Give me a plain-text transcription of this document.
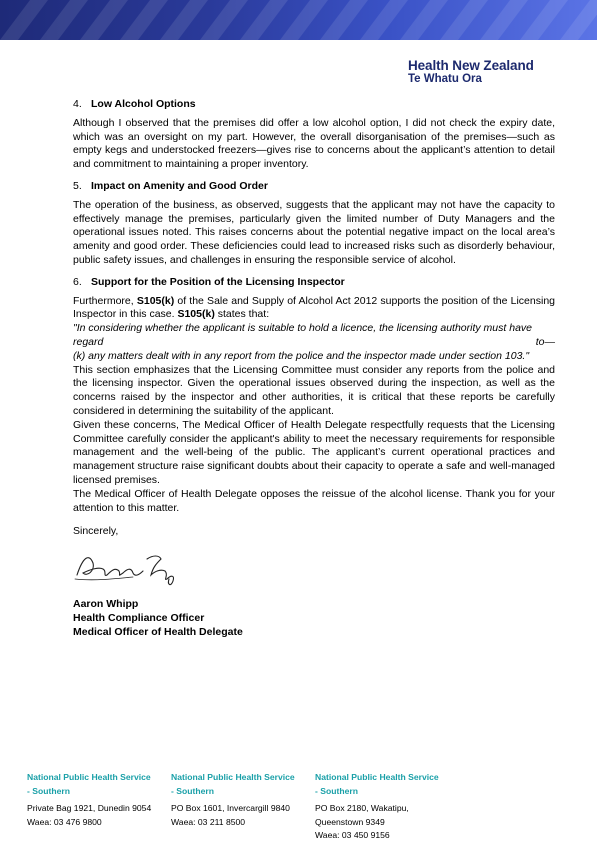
Health New Zealand
Te Whatu Ora
4. Low Alcohol Options

Although I observed that the premises did offer a low alcohol option, I did not check the expiry date, which was an oversight on my part. However, the overall disorganisation of the premises—such as empty kegs and understocked freezers—gives rise to concerns about the applicant’s attention to detail and commitment to maintaining a proper inventory.

5. Impact on Amenity and Good Order

The operation of the business, as observed, suggests that the applicant may not have the capacity to effectively manage the premises, particularly given the limited number of Duty Managers and the operational issues noted. This raises concerns about the potential negative impact on the local area’s amenity and good order. These deficiencies could lead to increased risks such as disorderly behaviour, public safety issues, and challenges in ensuring the responsible service of alcohol.

6. Support for the Position of the Licensing Inspector

Furthermore, S105(k) of the Sale and Supply of Alcohol Act 2012 supports the position of the Licensing Inspector in this case. S105(k) states that:

"In considering whether the applicant is suitable to hold a licence, the licensing authority must have
regard	to—
(k) any matters dealt with in any report from the police and the inspector made under section 103."

This section emphasizes that the Licensing Committee must consider any reports from the police and the licensing inspector. Given the operational issues observed during the inspection, as well as the concerns raised by the inspector and other authorities, it is critical that these reports be carefully considered in determining the suitability of the applicant.

Given these concerns, The Medical Officer of Health Delegate respectfully requests that the Licensing Committee carefully consider the applicant's ability to meet the necessary requirements for responsible management and the well-being of the public. The applicant’s current operational practices and management structure raise significant doubts about their capacity to operate a safe and well-managed licensed premises.

The Medical Officer of Health Delegate opposes the reissue of the alcohol license. Thank you for your attention to this matter.

Sincerely,
Aaron Whipp
Health Compliance Officer
Medical Officer of Health Delegate
National Public Health Service
- Southern
Private Bag 1921, Dunedin 9054
Waea: 03 476 9800
National Public Health Service
- Southern
PO Box 1601, Invercargill 9840
Waea: 03 211 8500
National Public Health Service
- Southern
PO Box 2180, Wakatipu,
Queenstown 9349
Waea: 03 450 9156
